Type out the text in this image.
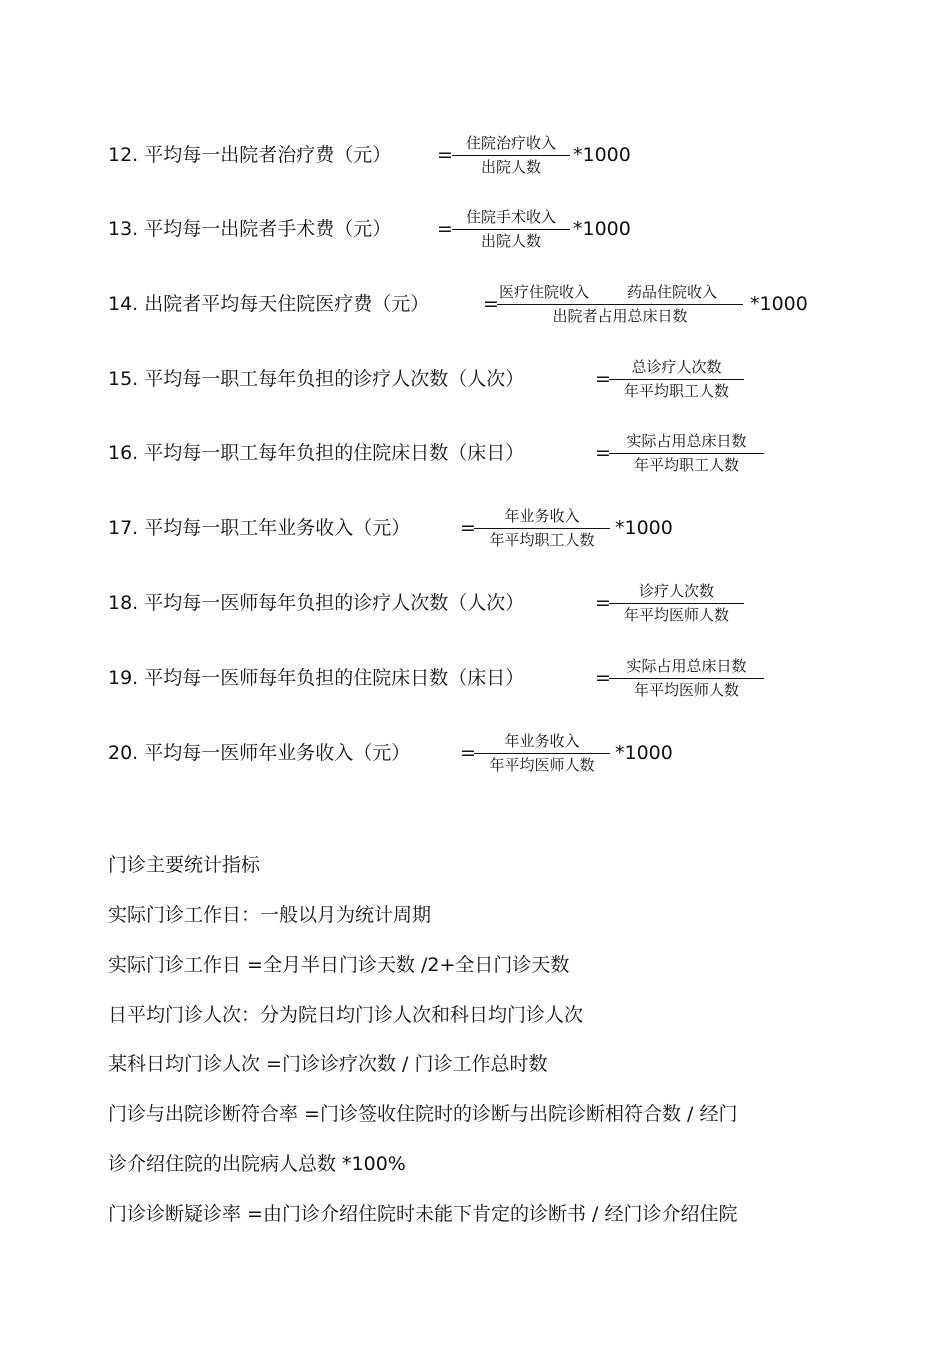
12. 平均每一出院者治疗费（元） =
住院治疗收入
出院人数
*1000
13. 平均每一出院者手术费（元） =
住院手术收入
出院人数
*1000
14. 出院者平均每天住院医疗费（元）	=
医疗住院收入	药品住院收入
出院者占用总床日数
*1000
15. 平均每一职工每年负担的诊疗人次数（人次）	=
总诊疗人次数
年平均职工人数
16. 平均每一职工每年负担的住院床日数（床日）	=
实际占用总床日数
年平均职工人数
17. 平均每一职工年业务收入（元）	=
年业务收入
年平均职工人数
*1000
18. 平均每一医师每年负担的诊疗人次数（人次）	=
诊疗人次数
年平均医师人数
19. 平均每一医师每年负担的住院床日数（床日）	=
实际占用总床日数
年平均医师人数
20. 平均每一医师年业务收入（元）	=
年业务收入
年平均医师人数
*1000
门诊主要统计指标
实际门诊工作日：一般以月为统计周期
实际门诊工作日 =全月半日门诊天数 /2+全日门诊天数
日平均门诊人次：分为院日均门诊人次和科日均门诊人次
某科日均门诊人次 =门诊诊疗次数 / 门诊工作总时数
门诊与出院诊断符合率 =门诊签收住院时的诊断与出院诊断相符合数 / 经门
诊介绍住院的出院病人总数 *100%
门诊诊断疑诊率 =由门诊介绍住院时未能下肯定的诊断书 / 经门诊介绍住院
